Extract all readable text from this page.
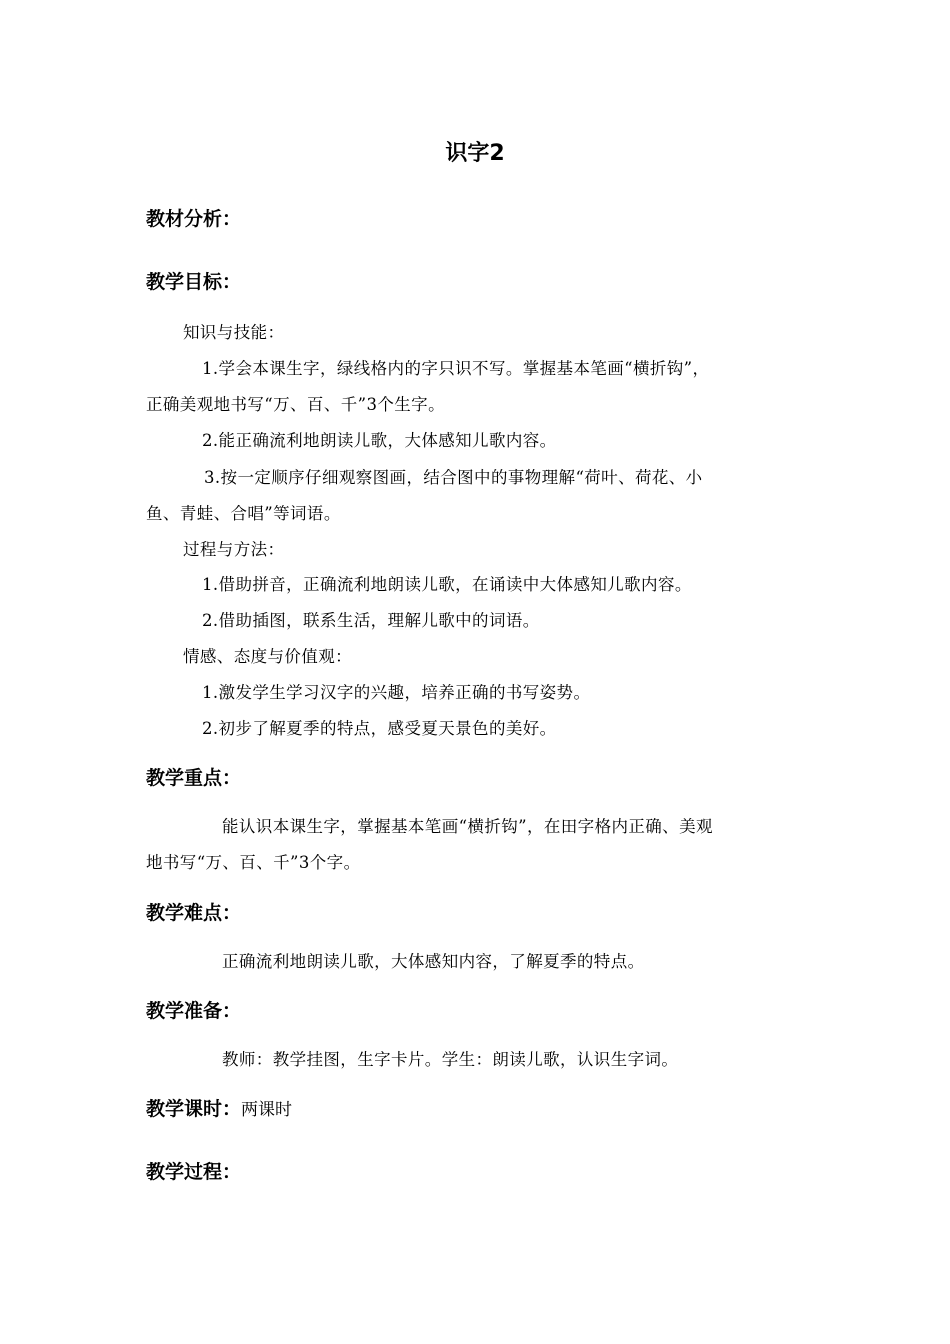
识字2
教材分析：
教学目标：
知识与技能：
1.学会本课生字，绿线格内的字只识不写。掌握基本笔画“横折钩”，
正确美观地书写“万、百、千”3个生字。
2.能正确流利地朗读儿歌，大体感知儿歌内容。
3.按一定顺序仔细观察图画，结合图中的事物理解“荷叶、荷花、小
鱼、青蛙、合唱”等词语。
过程与方法：
1.借助拼音，正确流利地朗读儿歌，在诵读中大体感知儿歌内容。
2.借助插图，联系生活，理解儿歌中的词语。
情感、态度与价值观：
1.激发学生学习汉字的兴趣，培养正确的书写姿势。
2.初步了解夏季的特点，感受夏天景色的美好。
教学重点：
能认识本课生字，掌握基本笔画“横折钩”，在田字格内正确、美观
地书写“万、百、千”3个字。
教学难点：
正确流利地朗读儿歌，大体感知内容，了解夏季的特点。
教学准备：
教师：教学挂图，生字卡片。学生：朗读儿歌，认识生字词。
教学课时：两课时
教学过程：
